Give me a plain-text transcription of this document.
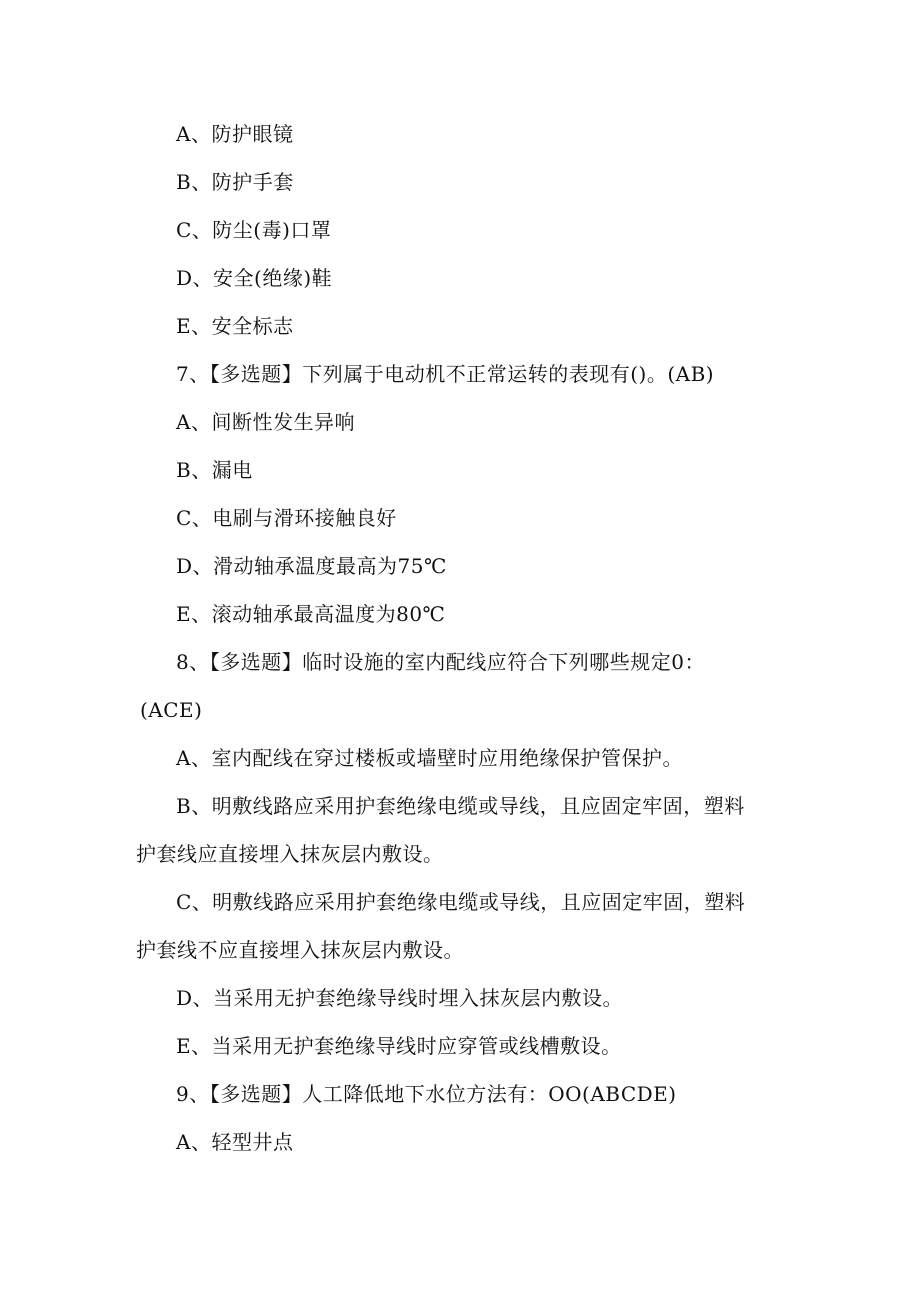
A、防护眼镜
B、防护手套
C、防尘(毒)口罩
D、安全(绝缘)鞋
E、安全标志
7、【多选题】下列属于电动机不正常运转的表现有()。(AB)
A、间断性发生异响
B、漏电
C、电刷与滑环接触良好
D、滑动轴承温度最高为75℃
E、滚动轴承最高温度为80℃
8、【多选题】临时设施的室内配线应符合下列哪些规定0：
(ACE)
A、室内配线在穿过楼板或墙壁时应用绝缘保护管保护。
B、明敷线路应采用护套绝缘电缆或导线，且应固定牢固，塑料
护套线应直接埋入抹灰层内敷设。
C、明敷线路应采用护套绝缘电缆或导线，且应固定牢固，塑料
护套线不应直接埋入抹灰层内敷设。
D、当采用无护套绝缘导线时埋入抹灰层内敷设。
E、当采用无护套绝缘导线时应穿管或线槽敷设。
9、【多选题】人工降低地下水位方法有：OO(ABCDE)
A、轻型井点
